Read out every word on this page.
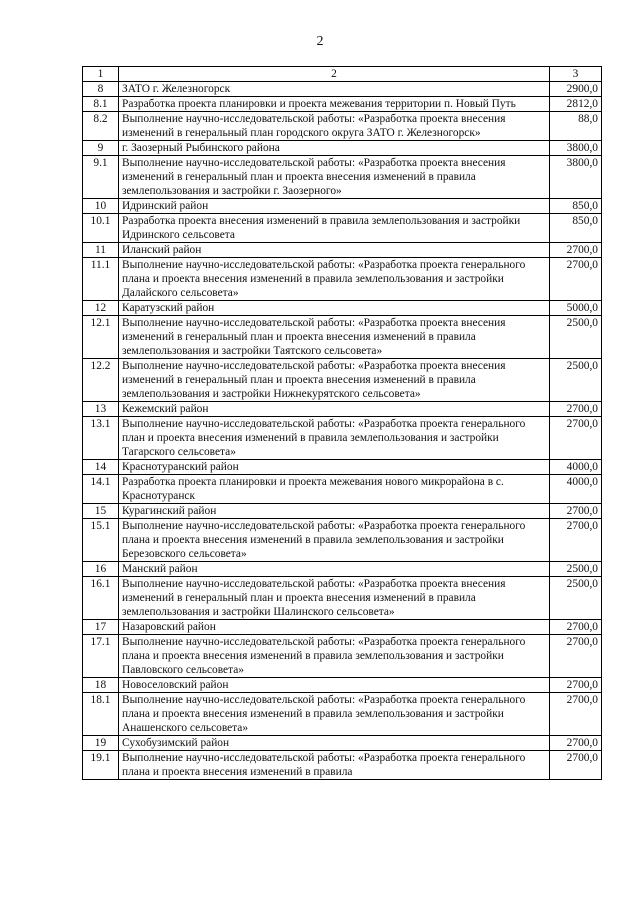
2
1	2	3
8	ЗАТО г. Железногорск	2900,0
8.1	Разработка проекта планировки и проекта межевания территории п. Новый Путь	2812,0
8.2	Выполнение научно-исследовательской работы: «Разработка проекта внесения изменений в генеральный план городского округа ЗАТО г. Железногорск»	88,0
9	г. Заозерный Рыбинского района	3800,0
9.1	Выполнение научно-исследовательской работы: «Разработка проекта внесения изменений в генеральный план и проекта внесения изменений в правила землепользования и застройки г. Заозерного»	3800,0
10	Идринский район	850,0
10.1	Разработка проекта внесения изменений в правила землепользования и застройки Идринского сельсовета	850,0
11	Иланский район	2700,0
11.1	Выполнение научно-исследовательской работы: «Разработка проекта генерального плана и проекта внесения изменений в правила землепользования и застройки Далайского сельсовета»	2700,0
12	Каратузский район	5000,0
12.1	Выполнение научно-исследовательской работы: «Разработка проекта внесения изменений в генеральный план и проекта внесения изменений в правила землепользования и застройки Таятского сельсовета»	2500,0
12.2	Выполнение научно-исследовательской работы: «Разработка проекта внесения изменений в генеральный план и проекта внесения изменений в правила землепользования и застройки Нижнекурятского сельсовета»	2500,0
13	Кежемский район	2700,0
13.1	Выполнение научно-исследовательской работы: «Разработка проекта генерального план и проекта внесения изменений в правила землепользования и застройки Тагарского сельсовета»	2700,0
14	Краснотуранский район	4000,0
14.1	Разработка проекта планировки и проекта межевания нового микрорайона в с. Краснотуранск	4000,0
15	Курагинский район	2700,0
15.1	Выполнение научно-исследовательской работы: «Разработка проекта генерального плана и проекта внесения изменений в правила землепользования и застройки Березовского сельсовета»	2700,0
16	Манский район	2500,0
16.1	Выполнение научно-исследовательской работы: «Разработка проекта внесения изменений в генеральный план и проекта внесения изменений в правила землепользования и застройки Шалинского сельсовета»	2500,0
17	Назаровский район	2700,0
17.1	Выполнение научно-исследовательской работы: «Разработка проекта генерального плана и проекта внесения изменений в правила землепользования и застройки Павловского сельсовета»	2700,0
18	Новоселовский район	2700,0
18.1	Выполнение научно-исследовательской работы: «Разработка проекта генерального плана и проекта внесения изменений в правила землепользования и застройки Анашенского сельсовета»	2700,0
19	Сухобузимский район	2700,0
19.1	Выполнение научно-исследовательской работы: «Разработка проекта генерального плана и проекта внесения изменений в правила	2700,0
